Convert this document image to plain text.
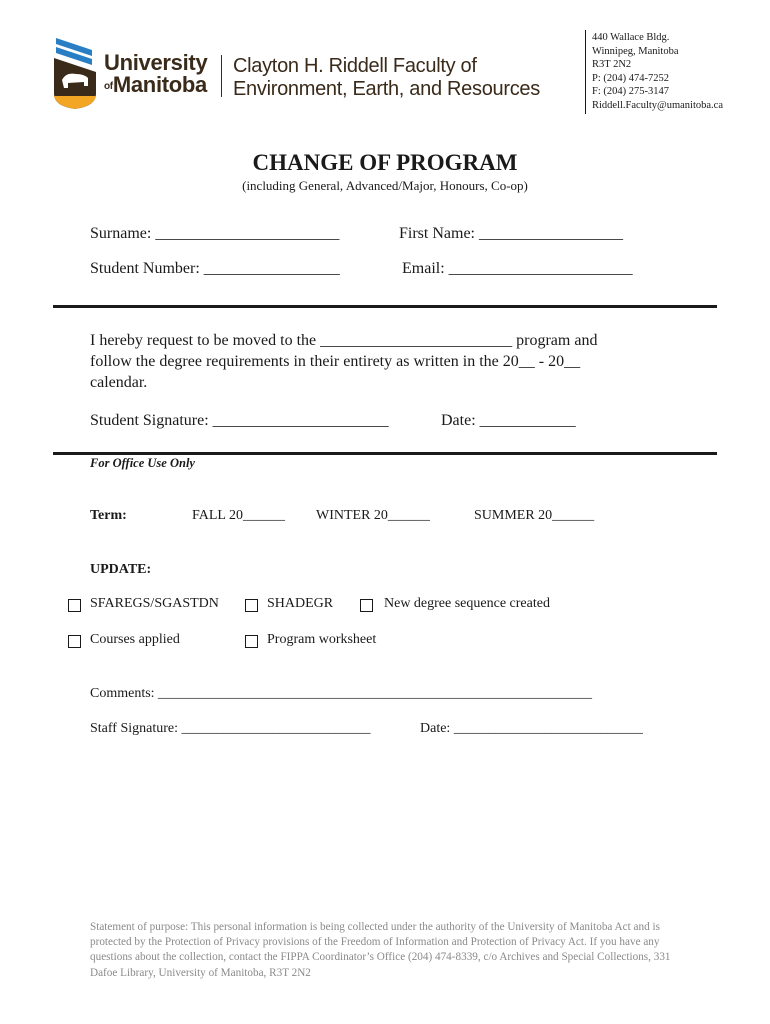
University
ofManitoba
Clayton H. Riddell Faculty of
Environment, Earth, and Resources
440 Wallace Bldg.
Winnipeg, Manitoba
R3T 2N2
P: (204) 474-7252
F: (204) 275-3147
Riddell.Faculty@umanitoba.ca
CHANGE OF PROGRAM
(including General, Advanced/Major, Honours, Co-op)
Surname: _______________________	First Name: __________________
Student Number: _________________	Email: _______________________
I hereby request to be moved to the ________________________ program and
follow the degree requirements in their entirety as written in the 20__ - 20__
calendar.
Student Signature: ______________________	Date: ____________
For Office Use Only
Term:	FALL 20______ WINTER 20______	SUMMER 20______
UPDATE:
SFAREGS/SGASTDN	SHADEGR	New degree sequence created
Courses applied	Program worksheet
Comments: ______________________________________________________________
Staff Signature: ___________________________	Date: ___________________________
Statement of purpose: This personal information is being collected under the authority of the University of Manitoba Act and is protected by the Protection of Privacy provisions of the Freedom of Information and Protection of Privacy Act. If you have any questions about the collection, contact the FIPPA Coordinator’s Office (204) 474-8339, c/o Archives and Special Collections, 331 Dafoe Library, University of Manitoba, R3T 2N2
